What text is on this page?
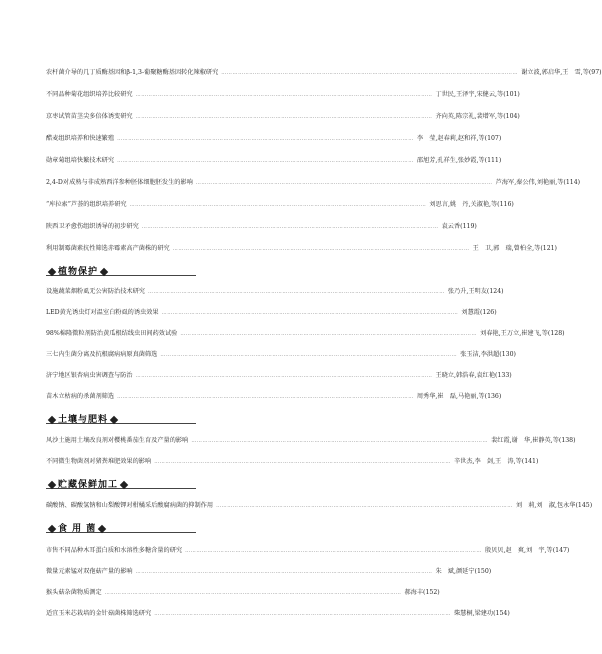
农杆菌介导的几丁质酶基因和β-1,3-葡聚糖酶基因转化辣椒研究 …………………………………………………………………………………………………………………………………………… 谢立波,郭启华,王　雪,等(97)
不同品种菊花组织培养比较研究 …………………………………………………………………………………………………………………………………………… 丁世民,王泽宇,宋健云,等(101)
京枣试管苗茎尖多倍体诱变研究 …………………………………………………………………………………………………………………………………………… 齐向英,陈宗礼,裴增军,等(104)
醋麦组织培养和快速繁殖 …………………………………………………………………………………………………………………………………………… 李　莹,赵春莉,赵和祥,等(107)
勋章菊组培快繁技术研究 …………………………………………………………………………………………………………………………………………… 邵旭芳,孔祥生,张妙霞,等(111)
2,4-D对成熟与非成熟西洋参种胚体细胞胚发生的影响 …………………………………………………………………………………………………………………………………………… 芦海军,秦公伟,刘艳丽,等(114)
“库拉索”芦荟的组织培养研究 …………………………………………………………………………………………………………………………………………… 刘思言,姚　丹,关淑艳,等(116)
陕西卫矛愈伤组织诱导的初步研究 …………………………………………………………………………………………………………………………………………… 袁云香(119)
利用制霉菌素抗性筛选赤霉素高产菌株的研究 …………………………………………………………………………………………………………………………………………… 王　卫,郭　瑞,曾柏全,等(121)
植物保护
设施蔬菜烟粉虱无公害防治技术研究 …………………………………………………………………………………………………………………………………………… 张乃升,王明友(124)
LED黄光诱虫灯对温室白粉虱的诱虫效果 …………………………………………………………………………………………………………………………………………… 刘慧霞(126)
98%棉隆微粒剂防治黄瓜根结线虫田间药效试验 …………………………………………………………………………………………………………………………………………… 刘春艳,王万立,崔建飞,等(128)
三七内生菌分离及抗根腐病病原真菌筛选 …………………………………………………………………………………………………………………………………………… 张玉洁,李洪超(130)
济宁地区银杏病虫害调查与防治 …………………………………………………………………………………………………………………………………………… 王晓立,韩浩春,袁红艳(133)
苗木立枯病的杀菌剂筛选 …………………………………………………………………………………………………………………………………………… 周秀华,崔　磊,马艳丽,等(136)
土壤与肥料
风沙土施用土壤改良剂对樱桃番茄生育及产量的影响 …………………………………………………………………………………………………………………………………………… 裴红霞,谢　华,崔静英,等(138)
不同微生物菌剂对猪粪堆肥效果的影响 …………………………………………………………………………………………………………………………………………… 辛世杰,李　剑,王　涛,等(141)
贮藏保鲜加工
碳酸钠、碳酸氢钠和山梨酸钾对柑橘采后酸腐病菌的抑制作用 …………………………………………………………………………………………………………………………………………… 刘　莉,刘　淑,包永华(145)
食 用 菌
市售不同品种木耳蛋白质和水溶性多糖含量的研究 …………………………………………………………………………………………………………………………………………… 殷贝贝,赵　爽,刘　宇,等(147)
微量元素锰对双孢菇产量的影响 …………………………………………………………………………………………………………………………………………… 朱　斌,颜延宁(150)
猴头菇杂菌物质测定 …………………………………………………………………………………………………………………………………………… 郝海丰(152)
适宜玉米芯栽培的金针菇菌株筛选研究 …………………………………………………………………………………………………………………………………………… 柴慧桐,梁建功(154)
